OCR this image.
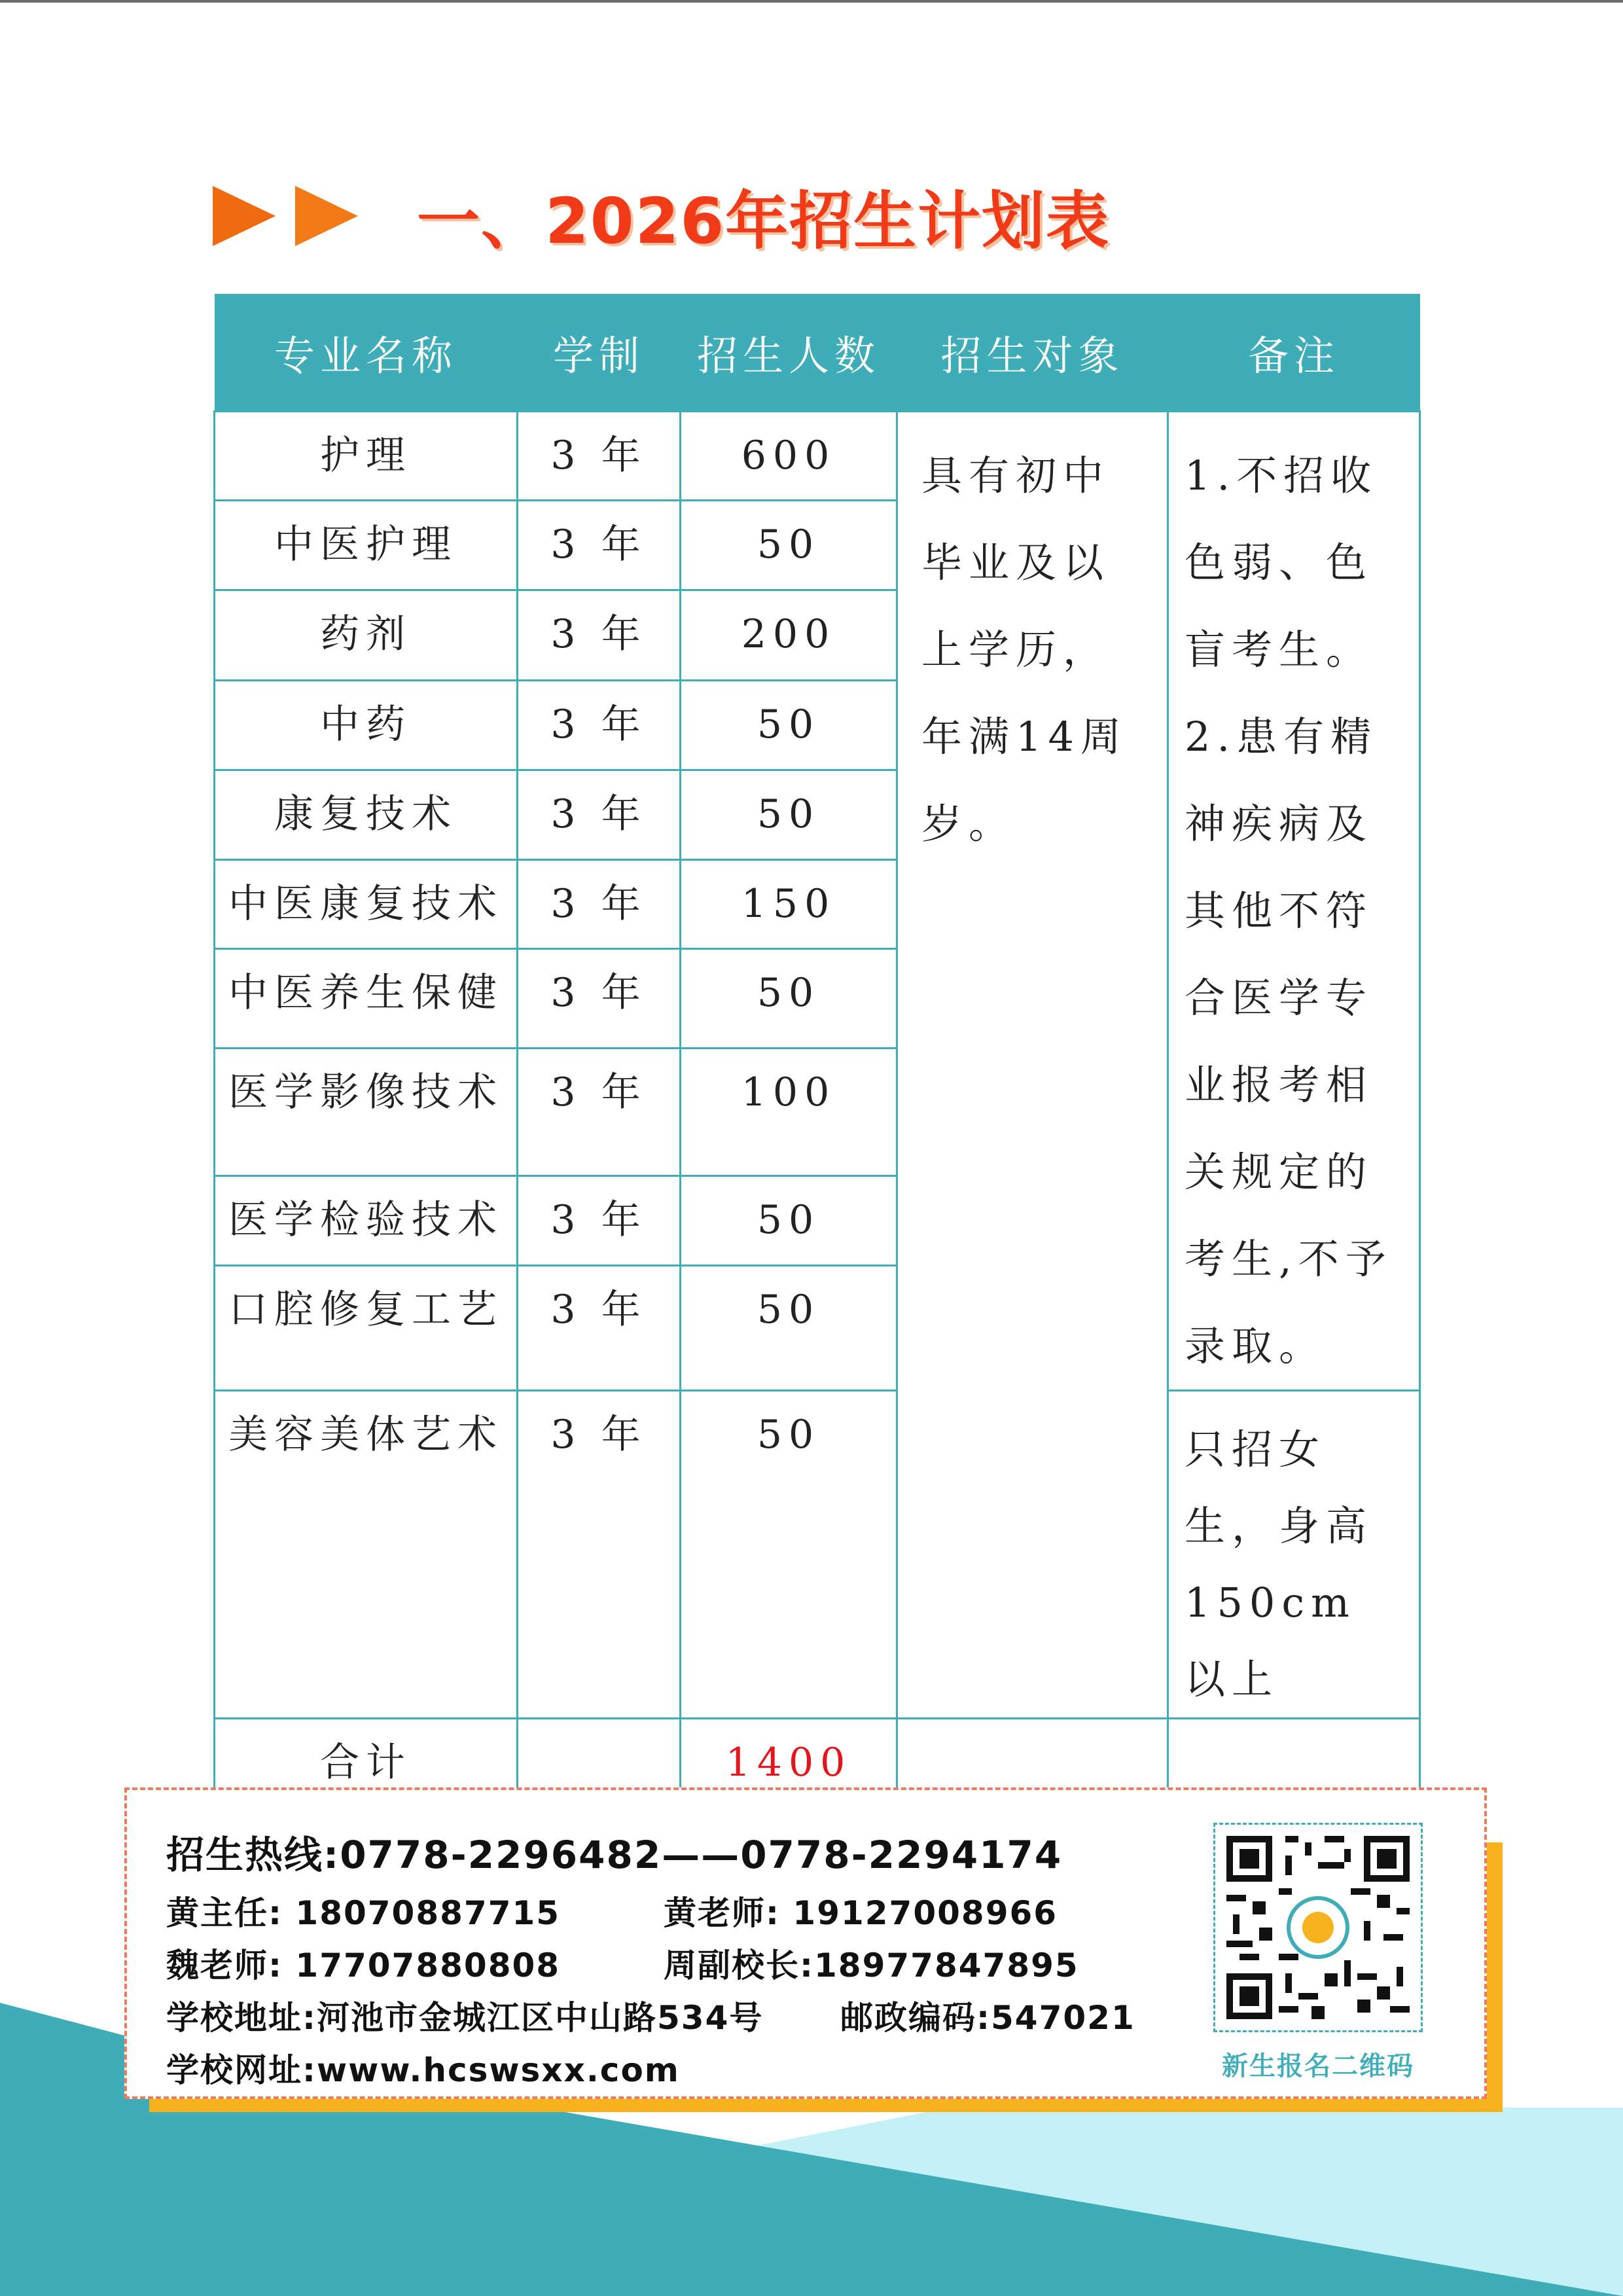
一、2026年招生计划表
专业名称	学制	招生人数	招生对象	备注
护理	3 年	600	具有初中毕业及以上学历，年满14周岁。	1.不招收色弱、色盲考生。2.患有精神疾病及其他不符合医学专业报考相关规定的考生,不予录取。
中医护理	3 年	50		
药剂	3 年	200		
中药	3 年	50		
康复技术	3 年	50		
中医康复技术	3 年	150		
中医养生保健	3 年	50		
医学影像技术	3 年	100		
医学检验技术	3 年	50		
口腔修复工艺	3 年	50		
美容美体艺术	3 年	50		只招女生，身高 150cm以上
合计		1400		
招生热线:0778-2296482——0778-2294174
黄主任: 18070887715	黄老师: 19127008966
魏老师: 17707880808	周副校长:18977847895
学校地址:河池市金城江区中山路534号 邮政编码:547021
学校网址:www.hcswsxx.com	新生报名二维码
